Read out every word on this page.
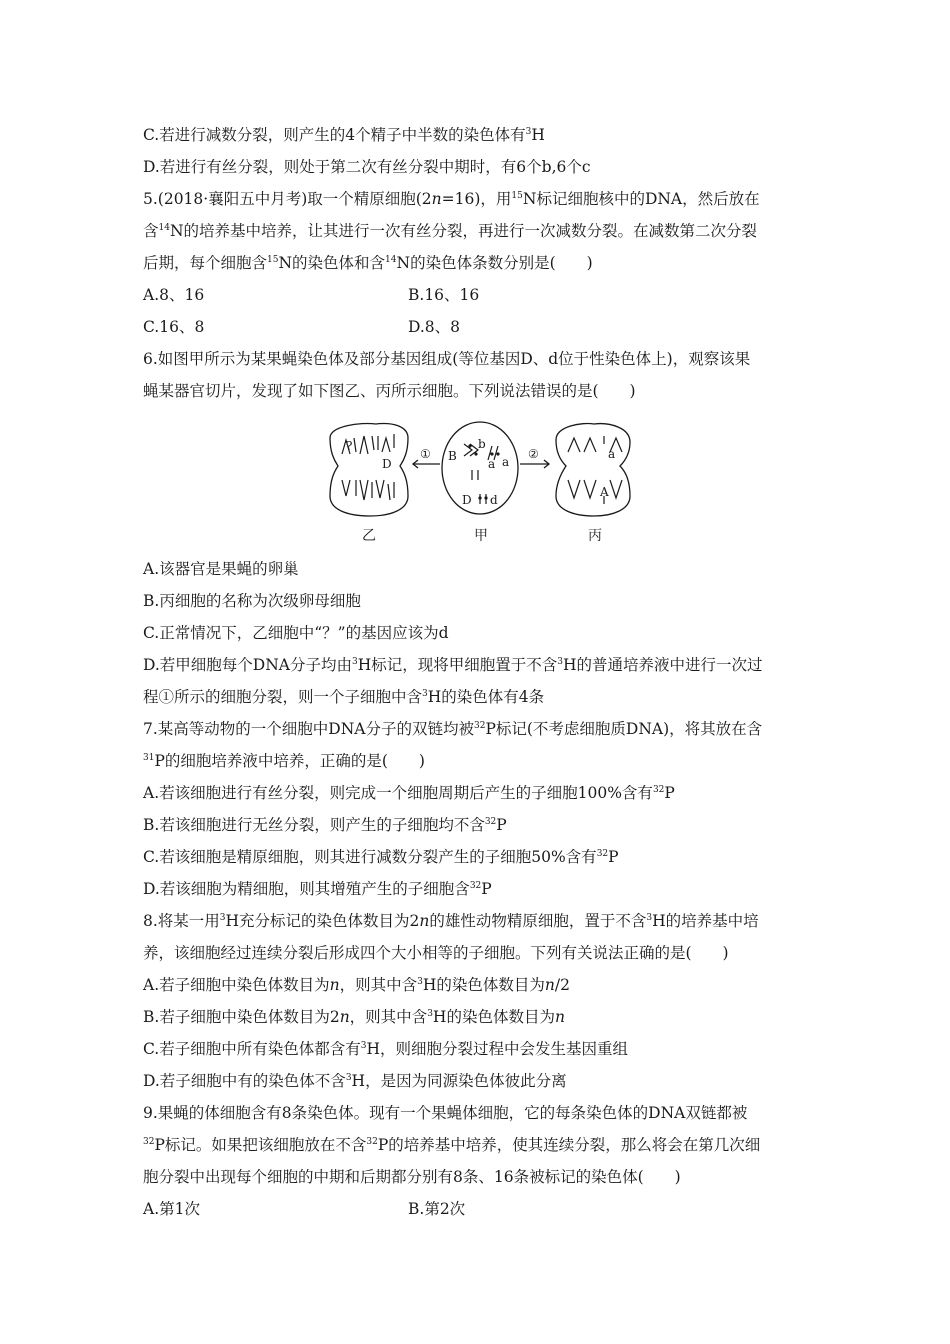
C.若进行减数分裂，则产生的4个精子中半数的染色体有$^3$H
D.若进行有丝分裂，则处于第二次有丝分裂中期时，有6个b,6个c
5.(2018·襄阳五中月考)取一个精原细胞(2n=16)，用$^{15}$N标记细胞核中的DNA，然后放在
含$^{14}$N的培养基中培养，让其进行一次有丝分裂，再进行一次减数分裂。在减数第二次分裂
后期，每个细胞含$^{15}$N的染色体和含$^{14}$N的染色体条数分别是(　　)
A.8、16	B.16、16
C.16、8	D.8、8
6.如图甲所示为某果蝇染色体及部分基因组成(等位基因D、d位于性染色体上)，观察该果
蝇某器官切片，发现了如下图乙、丙所示细胞。下列说法错误的是(　　)
?
D
B
b
a a
D d
a
A
①	②
乙	甲	丙
A.该器官是果蝇的卵巢
B.丙细胞的名称为次级卵母细胞
C.正常情况下，乙细胞中“？”的基因应该为d
D.若甲细胞每个DNA分子均由$^3$H标记，现将甲细胞置于不含$^3$H的普通培养液中进行一次过
程①所示的细胞分裂，则一个子细胞中含$^3$H的染色体有4条
7.某高等动物的一个细胞中DNA分子的双链均被$^{32}$P标记(不考虑细胞质DNA)，将其放在含
$^{31}$P的细胞培养液中培养，正确的是(　　)
A.若该细胞进行有丝分裂，则完成一个细胞周期后产生的子细胞100%含有$^{32}$P
B.若该细胞进行无丝分裂，则产生的子细胞均不含$^{32}$P
C.若该细胞是精原细胞，则其进行减数分裂产生的子细胞50%含有$^{32}$P
D.若该细胞为精细胞，则其增殖产生的子细胞含$^{32}$P
8.将某一用$^3$H充分标记的染色体数目为2n的雄性动物精原细胞，置于不含$^3$H的培养基中培
养，该细胞经过连续分裂后形成四个大小相等的子细胞。下列有关说法正确的是(　　)
A.若子细胞中染色体数目为n，则其中含$^3$H的染色体数目为n/2
B.若子细胞中染色体数目为2n，则其中含$^3$H的染色体数目为n
C.若子细胞中所有染色体都含有$^3$H，则细胞分裂过程中会发生基因重组
D.若子细胞中有的染色体不含$^3$H，是因为同源染色体彼此分离
9.果蝇的体细胞含有8条染色体。现有一个果蝇体细胞，它的每条染色体的DNA双链都被
$^{32}$P标记。如果把该细胞放在不含$^{32}$P的培养基中培养，使其连续分裂，那么将会在第几次细
胞分裂中出现每个细胞的中期和后期都分别有8条、16条被标记的染色体(　　)
A.第1次	B.第2次
